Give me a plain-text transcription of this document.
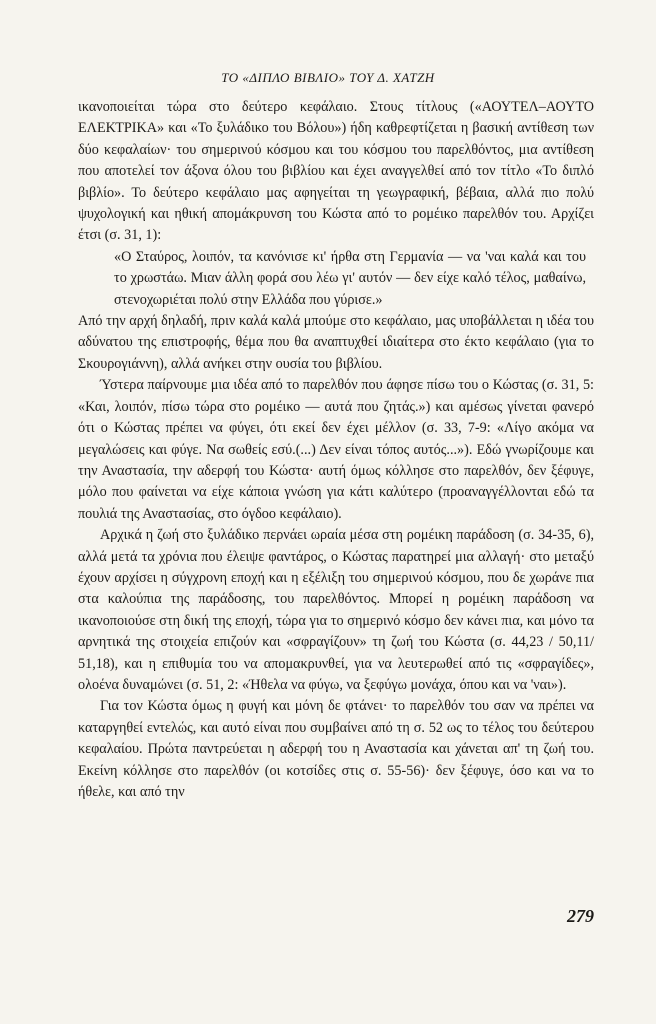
ΤΟ «ΔΙΠΛΟ ΒΙΒΛΙΟ» ΤΟΥ Δ. ΧΑΤΖΗ

ικανοποιείται τώρα στο δεύτερο κεφάλαιο. Στους τίτλους («ΑΟΥΤΕΛ–ΑΟΥΤΟ ΕΛΕΚΤΡΙΚΑ» και «Το ξυλάδικο του Βόλου») ήδη καθρεφτίζεται η βασική αντίθεση των δύο κεφαλαίων· του σημερινού κόσμου και του κόσμου του παρελθόντος, μια αντίθεση που αποτελεί τον άξονα όλου του βιβλίου και έχει αναγγελθεί από τον τίτλο «Το διπλό βιβλίο». Το δεύτερο κεφάλαιο μας αφηγείται τη γεωγραφική, βέβαια, αλλά πιο πολύ ψυχολογική και ηθική απομάκρυνση του Κώστα από το ρομέικο παρελθόν του. Αρχίζει έτσι (σ. 31, 1):

«Ο Σταύρος, λοιπόν, τα κανόνισε κι' ήρθα στη Γερμανία — να 'ναι καλά και του το χρωστάω. Μιαν άλλη φορά σου λέω γι' αυτόν — δεν είχε καλό τέλος, μαθαίνω, στενοχωριέται πολύ στην Ελλάδα που γύρισε.»

Από την αρχή δηλαδή, πριν καλά καλά μπούμε στο κεφάλαιο, μας υποβάλλεται η ιδέα του αδύνατου της επιστροφής, θέμα που θα αναπτυχθεί ιδιαίτερα στο έκτο κεφάλαιο (για το Σκουρογιάννη), αλλά ανήκει στην ουσία του βιβλίου.

Ύστερα παίρνουμε μια ιδέα από το παρελθόν που άφησε πίσω του ο Κώστας (σ. 31, 5: «Και, λοιπόν, πίσω τώρα στο ρομέικο — αυτά που ζητάς.») και αμέσως γίνεται φανερό ότι ο Κώστας πρέπει να φύγει, ότι εκεί δεν έχει μέλλον (σ. 33, 7-9: «Λίγο ακόμα να μεγαλώσεις και φύγε. Να σωθείς εσύ.(...) Δεν είναι τόπος αυτός...»). Εδώ γνωρίζουμε και την Αναστασία, την αδερφή του Κώστα· αυτή όμως κόλλησε στο παρελθόν, δεν ξέφυγε, μόλο που φαίνεται να είχε κάποια γνώση για κάτι καλύτερο (προαναγγέλλονται εδώ τα πουλιά της Αναστασίας, στο όγδοο κεφάλαιο).

Αρχικά η ζωή στο ξυλάδικο περνάει ωραία μέσα στη ρομέικη παράδοση (σ. 34-35, 6), αλλά μετά τα χρόνια που έλειψε φαντάρος, ο Κώστας παρατηρεί μια αλλαγή· στο μεταξύ έχουν αρχίσει η σύγχρονη εποχή και η εξέλιξη του σημερινού κόσμου, που δε χωράνε πια στα καλούπια της παράδοσης, του παρελθόντος. Μπορεί η ρομέικη παράδοση να ικανοποιούσε στη δική της εποχή, τώρα για το σημερινό κόσμο δεν κάνει πια, και μόνο τα αρνητικά της στοιχεία επιζούν και «σφραγίζουν» τη ζωή του Κώστα (σ. 44,23 / 50,11/ 51,18), και η επιθυμία του να απομακρυνθεί, για να λευτερωθεί από τις «σφραγίδες», ολοένα δυναμώνει (σ. 51, 2: «Ήθελα να φύγω, να ξεφύγω μονάχα, όπου και να 'ναι»).

Για τον Κώστα όμως η φυγή και μόνη δε φτάνει· το παρελθόν του σαν να πρέπει να καταργηθεί εντελώς, και αυτό είναι που συμβαίνει από τη σ. 52 ως το τέλος του δεύτερου κεφαλαίου. Πρώτα παντρεύεται η αδερφή του η Αναστασία και χάνεται απ' τη ζωή του. Εκείνη κόλλησε στο παρελθόν (οι κοτσίδες στις σ. 55-56)· δεν ξέφυγε, όσο και να το ήθελε, και από την

279
